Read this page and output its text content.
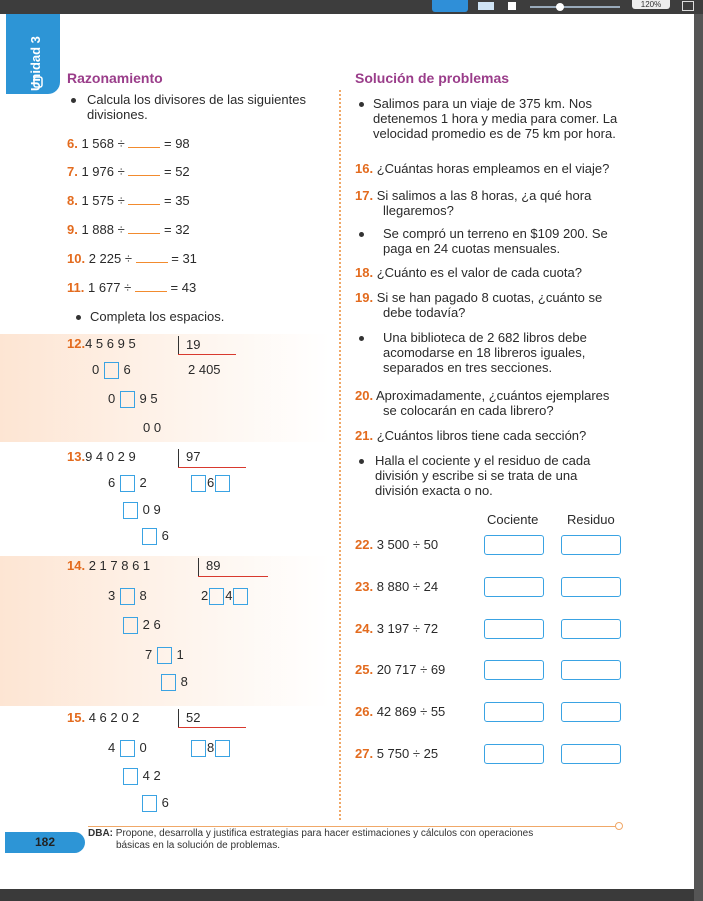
120%
Unidad 3	Razonamiento
Calcula los divisores de las siguientes
divisiones.
6. 1 568 ÷	= 98
7. 1 976 ÷	= 52
8. 1 575 ÷	= 35
9. 1 888 ÷	= 32
10. 2 225 ÷	= 31
11. 1 677 ÷	= 43
Completa los espacios.
12.4 5 6 9 5	19
0 6	2 405
0 9 5
0 0
13.9 4 0 2 9	97
6 2	6
0 9
6
14. 2 1 7 8 6 1	89
3 8	2 4
2 6
7 1
8
15. 4 6 2 0 2	52
4 0	8
4 2
6
Solución de problemas
Salimos para un viaje de 375 km. Nos
detenemos 1 hora y media para comer. La
velocidad promedio es de 75 km por hora.
16. ¿Cuántas horas empleamos en el viaje?
17. Si salimos a las 8 horas, ¿a qué hora
llegaremos?
Se compró un terreno en $109 200. Se
paga en 24 cuotas mensuales.
18. ¿Cuánto es el valor de cada cuota?
19. Si se han pagado 8 cuotas, ¿cuánto se
debe todavía?
Una biblioteca de 2 682 libros debe
acomodarse en 18 libreros iguales,
separados en tres secciones.
20. Aproximadamente, ¿cuántos ejemplares
se colocarán en cada librero?
21. ¿Cuántos libros tiene cada sección?
Halla el cociente y el residuo de cada
división y escribe si se trata de una
división exacta o no.
Cociente Residuo
22. 3 500 ÷ 50
23. 8 880 ÷ 24
24. 3 197 ÷ 72
25. 20 717 ÷ 69
26. 42 869 ÷ 55
27. 5 750 ÷ 25
182
DBA: Propone, desarrolla y justifica estrategias para hacer estimaciones y cálculos con operaciones
básicas en la solución de problemas.
